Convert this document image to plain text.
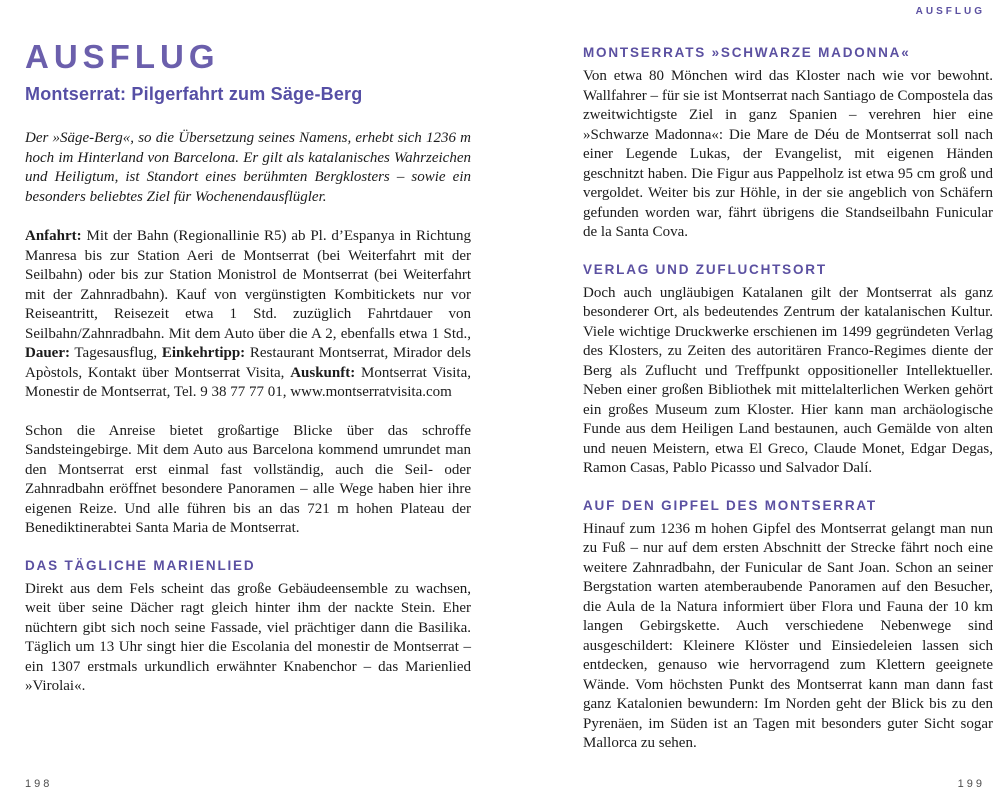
AUSFLUG
AUSFLUG
Montserrat: Pilgerfahrt zum Säge-Berg

Der »Säge-Berg«, so die Übersetzung seines Namens, erhebt sich 1236 m hoch im Hinterland von Barcelona. Er gilt als katalanisches Wahrzeichen und Heiligtum, ist Standort eines berühmten Bergklosters – sowie ein besonders beliebtes Ziel für Wochenendausflügler.

Anfahrt: Mit der Bahn (Regionallinie R5) ab Pl. d’Espanya in Richtung Manresa bis zur Station Aeri de Montserrat (bei Weiterfahrt mit der Seilbahn) oder bis zur Station Monistrol de Montserrat (bei Weiterfahrt mit der Zahnradbahn). Kauf von vergünstigten Kombitickets nur vor Reiseantritt, Reisezeit etwa 1 Std. zuzüglich Fahrtdauer von Seilbahn/Zahnradbahn. Mit dem Auto über die A 2, ebenfalls etwa 1 Std., Dauer: Tagesausflug, Einkehrtipp: Restaurant Montserrat, Mirador dels Apòstols, Kontakt über Montserrat Visita, Auskunft: Montserrat Visita, Monestir de Montserrat, Tel. 9 38 77 77 01, www.montserratvisita.com

Schon die Anreise bietet großartige Blicke über das schroffe Sandsteingebirge. Mit dem Auto aus Barcelona kommend umrundet man den Montserrat erst einmal fast vollständig, auch die Seil- oder Zahnradbahn eröffnet besondere Panoramen – alle Wege haben hier ihre eigenen Reize. Und alle führen bis an das 721 m hohen Plateau der Benediktinerabtei Santa Maria de Montserrat.

DAS TÄGLICHE MARIENLIED

Direkt aus dem Fels scheint das große Gebäudeensemble zu wachsen, weit über seine Dächer ragt gleich hinter ihm der nackte Stein. Eher nüchtern gibt sich noch seine Fassade, viel prächtiger dann die Basilika. Täglich um 13 Uhr singt hier die Escolania del monestir de Montserrat – ein 1307 erstmals urkundlich erwähnter Knabenchor – das Marienlied »Virolai«.

MONTSERRATS »SCHWARZE MADONNA«

Von etwa 80 Mönchen wird das Kloster nach wie vor bewohnt. Wallfahrer – für sie ist Montserrat nach Santiago de Compostela das zweitwichtigste Ziel in ganz Spanien – verehren hier eine »Schwarze Madonna«: Die Mare de Déu de Montserrat soll nach einer Legende Lukas, der Evangelist, mit eigenen Händen geschnitzt haben. Die Figur aus Pappelholz ist etwa 95 cm groß und vergoldet. Weiter bis zur Höhle, in der sie angeblich von Schäfern gefunden worden war, fährt übrigens die Standseilbahn Funicular de la Santa Cova.

VERLAG UND ZUFLUCHTSORT

Doch auch ungläubigen Katalanen gilt der Montserrat als ganz besonderer Ort, als bedeutendes Zentrum der katalanischen Kultur. Viele wichtige Druckwerke erschienen im 1499 gegründeten Verlag des Klosters, zu Zeiten des autoritären Franco-Regimes diente der Berg als Zuflucht und Treffpunkt oppositioneller Intellektueller. Neben einer großen Bibliothek mit mittelalterlichen Werken gehört ein großes Museum zum Kloster. Hier kann man archäologische Funde aus dem Heiligen Land bestaunen, auch Gemälde von alten und neuen Meistern, etwa El Greco, Claude Monet, Edgar Degas, Ramon Casas, Pablo Picasso und Salvador Dalí.

AUF DEN GIPFEL DES MONTSERRAT

Hinauf zum 1236 m hohen Gipfel des Montserrat gelangt man nun zu Fuß – nur auf dem ersten Abschnitt der Strecke fährt noch eine weitere Zahnradbahn, der Funicular de Sant Joan. Schon an seiner Bergstation warten atemberaubende Panoramen auf den Besucher, die Aula de la Natura informiert über Flora und Fauna der 10 km langen Gebirgskette. Auch verschiedene Nebenwege sind ausgeschildert: Kleinere Klöster und Einsiedeleien lassen sich entdecken, genauso wie hervorragend zum Klettern geeignete Wände. Vom höchsten Punkt des Montserrat kann man dann fast ganz Katalonien bewundern: Im Norden geht der Blick bis zu den Pyrenäen, im Süden ist an Tagen mit besonders guter Sicht sogar Mallorca zu sehen.

198	199
